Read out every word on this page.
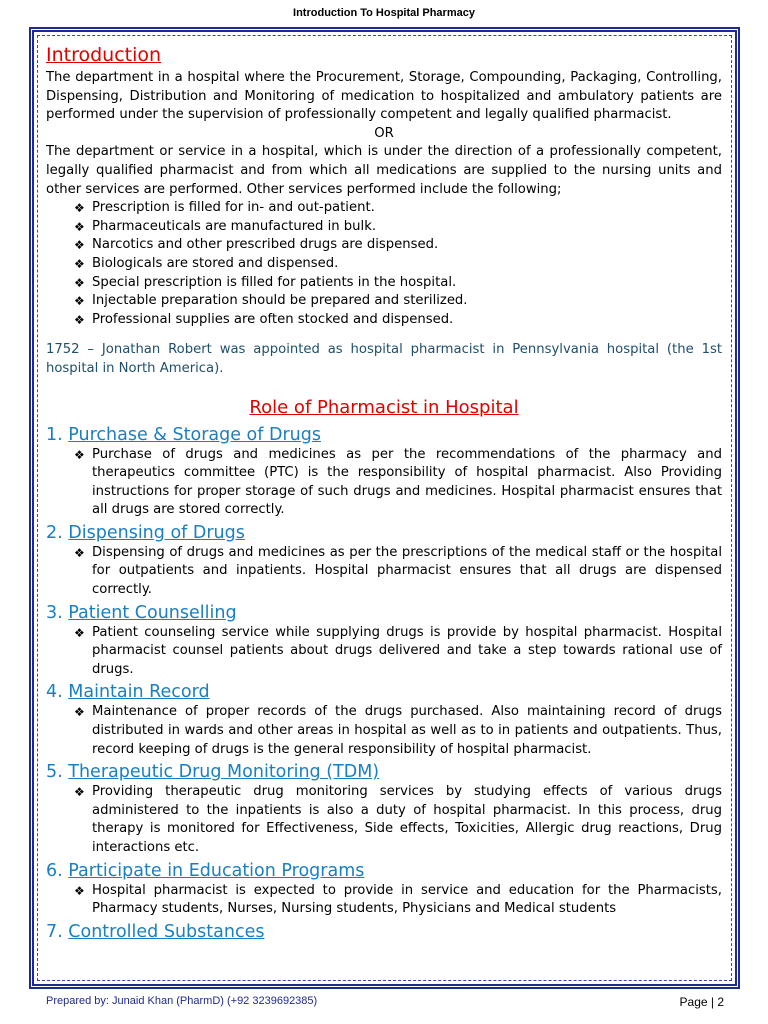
Introduction To Hospital Pharmacy
Introduction

The department in a hospital where the Procurement, Storage, Compounding, Packaging, Controlling, Dispensing, Distribution and Monitoring of medication to hospitalized and ambulatory patients are performed under the supervision of professionally competent and legally qualified pharmacist.

OR

The department or service in a hospital, which is under the direction of a professionally competent, legally qualified pharmacist and from which all medications are supplied to the nursing units and other services are performed. Other services performed include the following;

❖ Prescription is filled for in- and out-patient.
❖ Pharmaceuticals are manufactured in bulk.
❖ Narcotics and other prescribed drugs are dispensed.
❖ Biologicals are stored and dispensed.
❖ Special prescription is filled for patients in the hospital.
❖ Injectable preparation should be prepared and sterilized.
❖ Professional supplies are often stocked and dispensed.

1752 – Jonathan Robert was appointed as hospital pharmacist in Pennsylvania hospital (the 1st hospital in North America).

Role of Pharmacist in Hospital
1. Purchase & Storage of Drugs
❖ Purchase of drugs and medicines as per the recommendations of the pharmacy and therapeutics committee (PTC) is the responsibility of hospital pharmacist. Also Providing instructions for proper storage of such drugs and medicines. Hospital pharmacist ensures that all drugs are stored correctly.
2. Dispensing of Drugs
❖ Dispensing of drugs and medicines as per the prescriptions of the medical staff or the hospital for outpatients and inpatients. Hospital pharmacist ensures that all drugs are dispensed correctly.
3. Patient Counselling
❖ Patient counseling service while supplying drugs is provide by hospital pharmacist. Hospital pharmacist counsel patients about drugs delivered and take a step towards rational use of drugs.
4. Maintain Record
❖ Maintenance of proper records of the drugs purchased. Also maintaining record of drugs distributed in wards and other areas in hospital as well as to in patients and outpatients. Thus, record keeping of drugs is the general responsibility of hospital pharmacist.
5. Therapeutic Drug Monitoring (TDM)
❖ Providing therapeutic drug monitoring services by studying effects of various drugs administered to the inpatients is also a duty of hospital pharmacist. In this process, drug therapy is monitored for Effectiveness, Side effects, Toxicities, Allergic drug reactions, Drug interactions etc.
6. Participate in Education Programs
❖ Hospital pharmacist is expected to provide in service and education for the Pharmacists, Pharmacy students, Nurses, Nursing students, Physicians and Medical students
7. Controlled Substances
Prepared by: Junaid Khan (PharmD) (+92 3239692385)	Page | 2
